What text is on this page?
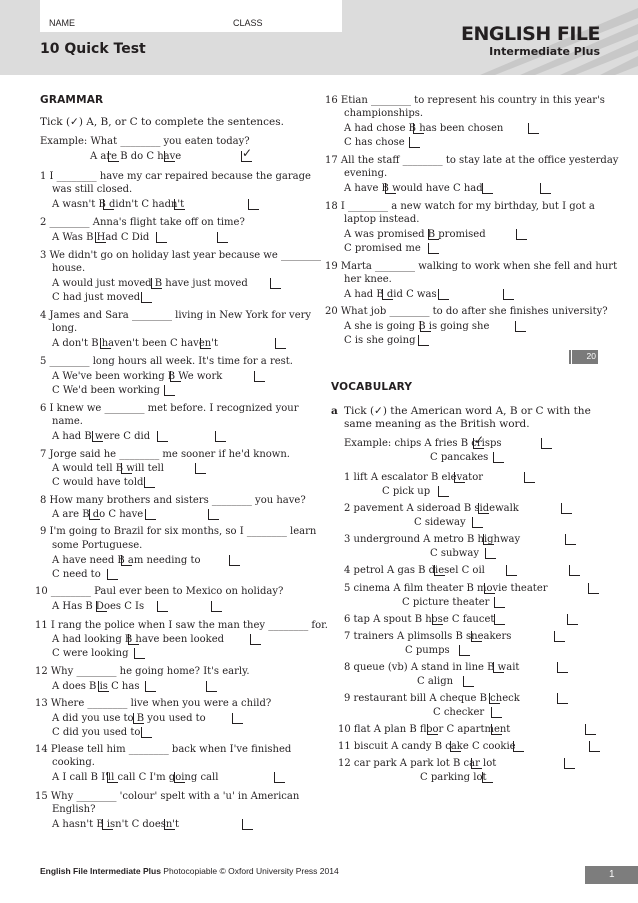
NAME	CLASS
10 Quick Test
ENGLISH FILE
Intermediate Plus
GRAMMAR
Tick (✓) A, B, or C to complete the sentences.
Example: What ________ you eaten today?
A are B do C have
✓
1 I ________ have my car repaired because the garage
was still closed.
A wasn't B didn't C hadn't
2 ________ Anna's flight take off on time?
A Was B Had C Did
3 We didn't go on holiday last year because we ________
house.
A would just moved B have just moved
C had just moved
4 James and Sara ________ living in New York for very
long.
A don't B haven't been C haven't
5 ________ long hours all week. It's time for a rest.
A We've been working B We work
C We'd been working
6 I knew we ________ met before. I recognized your
name.
A had B were C did
7 Jorge said he ________ me sooner if he'd known.
A would tell B will tell
C would have told
8 How many brothers and sisters ________ you have?
A are B do C have
9 I'm going to Brazil for six months, so I ________ learn
some Portuguese.
A have need B am needing to
C need to
10 ________ Paul ever been to Mexico on holiday?
A Has B Does C Is
11 I rang the police when I saw the man they ________ for.
A had looking B have been looked
C were looking
12 Why ________ he going home? It's early.
A does B is C has
13 Where ________ live when you were a child?
A did you use to B you used to
C did you used to
14 Please tell him ________ back when I've finished
cooking.
A I call B I'll call C I'm going call
15 Why ________ 'colour' spelt with a 'u' in American
English?
A hasn't B isn't C doesn't
16 Etian ________ to represent his country in this year's
championships.
A had chose B has been chosen
C has chose
17 All the staff ________ to stay late at the office yesterday
evening.
A have B would have C had
18 I ________ a new watch for my birthday, but I got a
laptop instead.
A was promised B promised
C promised me
19 Marta ________ walking to work when she fell and hurt
her knee.
A had B did C was
20 What job ________ to do after she finishes university?
A she is going B is going she
C is she going
20
VOCABULARY
a Tick (✓) the American word A, B or C with the
same meaning as the British word.
Example: chips A fries B crisps
✓
C pancakes
1 lift A escalator B elevator
C pick up
2 pavement A sideroad B sidewalk
C sideway
3 underground A metro B highway
C subway
4 petrol A gas B diesel C oil
5 cinema A film theater B movie theater
C picture theater
6 tap A spout B hose C faucet
7 trainers A plimsolls B sneakers
C pumps
8 queue (vb) A stand in line B wait
C align
9 restaurant bill A cheque B check
C checker
10 flat A plan B floor C apartment
11 biscuit A candy B cake C cookie
12 car park A park lot B car lot
C parking lot
English File Intermediate Plus Photocopiable © Oxford University Press 2014	1
